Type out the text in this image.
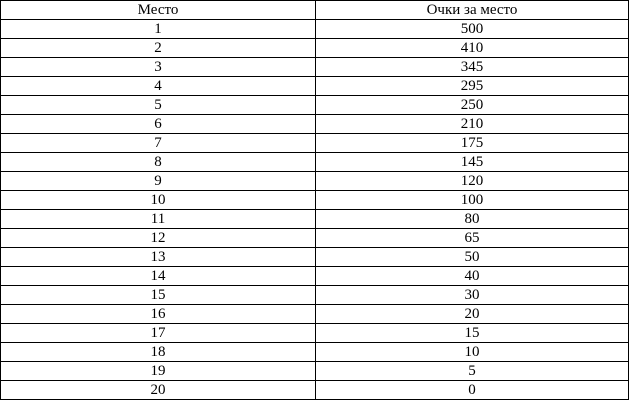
Место	Очки за место
1	500
2	410
3	345
4	295
5	250
6	210
7	175
8	145
9	120
10	100
11	80
12	65
13	50
14	40
15	30
16	20
17	15
18	10
19	5
20	0
